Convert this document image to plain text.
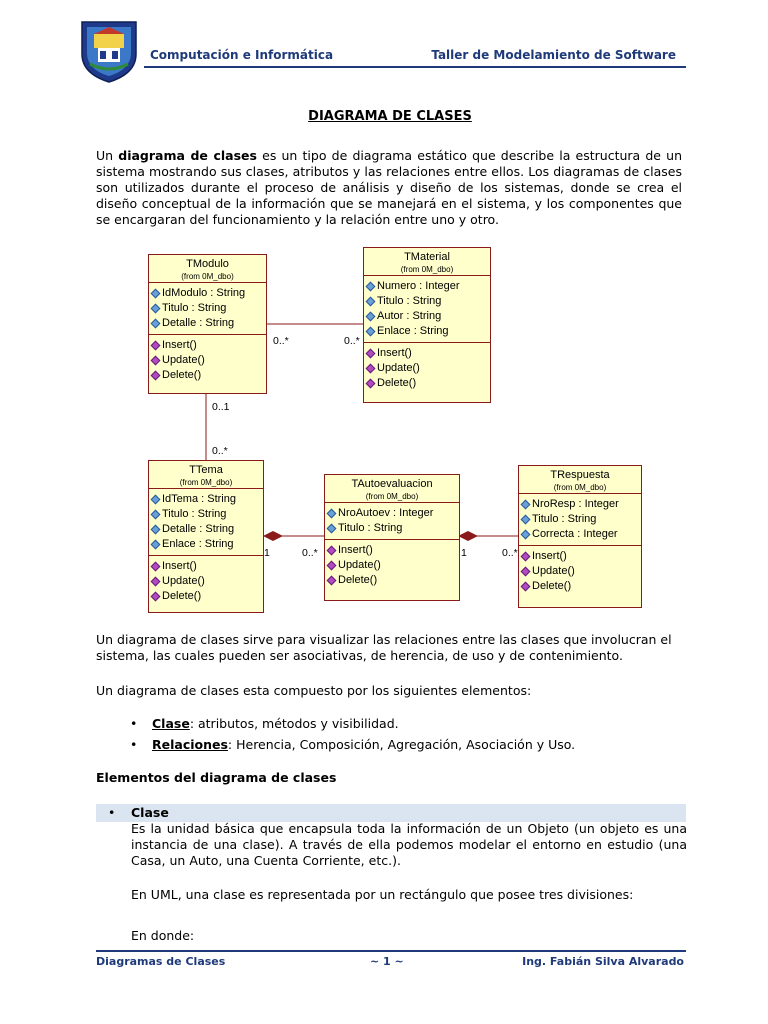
Computación e Informática	Taller de Modelamiento de Software
DIAGRAMA DE CLASES
Un diagrama de clases es un tipo de diagrama estático que describe la estructura de un sistema mostrando sus clases, atributos y las relaciones entre ellos. Los diagramas de clases son utilizados durante el proceso de análisis y diseño de los sistemas, donde se crea el diseño conceptual de la información que se manejará en el sistema, y los componentes que se encargaran del funcionamiento y la relación entre uno y otro.
TModulo
(from 0M_dbo)
IdModulo : String
Titulo : String
Detalle : String
Insert()
Update()
Delete()
TMaterial
(from 0M_dbo)
Numero : Integer
Titulo : String
Autor : String
Enlace : String
Insert()
Update()
Delete()
TTema
(from 0M_dbo)
IdTema : String
Titulo : String
Detalle : String
Enlace : String
Insert()
Update()
Delete()
TAutoevaluacion
(from 0M_dbo)
NroAutoev : Integer
Titulo : String
Insert()
Update()
Delete()
TRespuesta
(from 0M_dbo)
NroResp : Integer
Titulo : String
Correcta : Integer
Insert()
Update()
Delete()
0..*	0..*
0..1
0..*
1	0..*	1	0..*
Un diagrama de clases sirve para visualizar las relaciones entre las clases que involucran el sistema, las cuales pueden ser asociativas, de herencia, de uso y de contenimiento.
Un diagrama de clases esta compuesto por los siguientes elementos:
•	Clase: atributos, métodos y visibilidad.
•	Relaciones: Herencia, Composición, Agregación, Asociación y Uso.
Elementos del diagrama de clases
• Clase
Es la unidad básica que encapsula toda la información de un Objeto (un objeto es una instancia de una clase). A través de ella podemos modelar el entorno en estudio (una Casa, un Auto, una Cuenta Corriente, etc.).
En UML, una clase es representada por un rectángulo que posee tres divisiones:
En donde:
Diagramas de Clases	~ 1 ~	Ing. Fabián Silva Alvarado
